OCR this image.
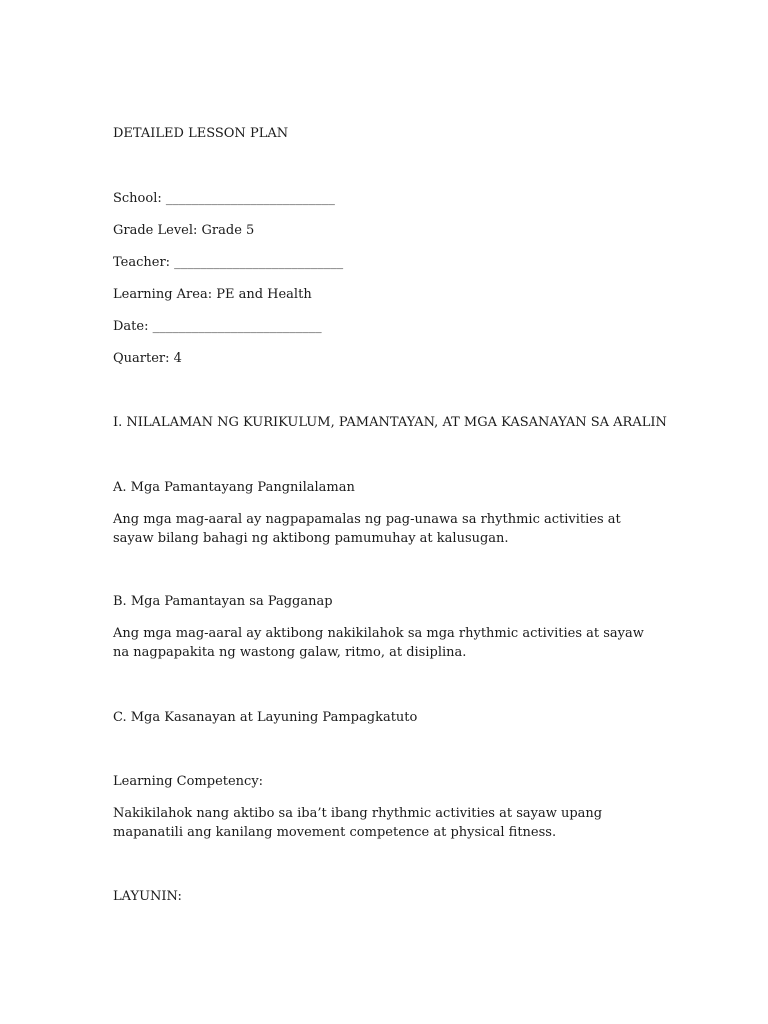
DETAILED LESSON PLAN
School: __________________________
Grade Level: Grade 5
Teacher: __________________________
Learning Area: PE and Health
Date: __________________________
Quarter: 4
I. NILALAMAN NG KURIKULUM, PAMANTAYAN, AT MGA KASANAYAN SA ARALIN
A. Mga Pamantayang Pangnilalaman
Ang mga mag-aaral ay nagpapamalas ng pag-unawa sa rhythmic activities at sayaw bilang bahagi ng aktibong pamumuhay at kalusugan.
B. Mga Pamantayan sa Pagganap
Ang mga mag-aaral ay aktibong nakikilahok sa mga rhythmic activities at sayaw na nagpapakita ng wastong galaw, ritmo, at disiplina.
C. Mga Kasanayan at Layuning Pampagkatuto
Learning Competency:
Nakikilahok nang aktibo sa iba’t ibang rhythmic activities at sayaw upang mapanatili ang kanilang movement competence at physical fitness.
LAYUNIN:
